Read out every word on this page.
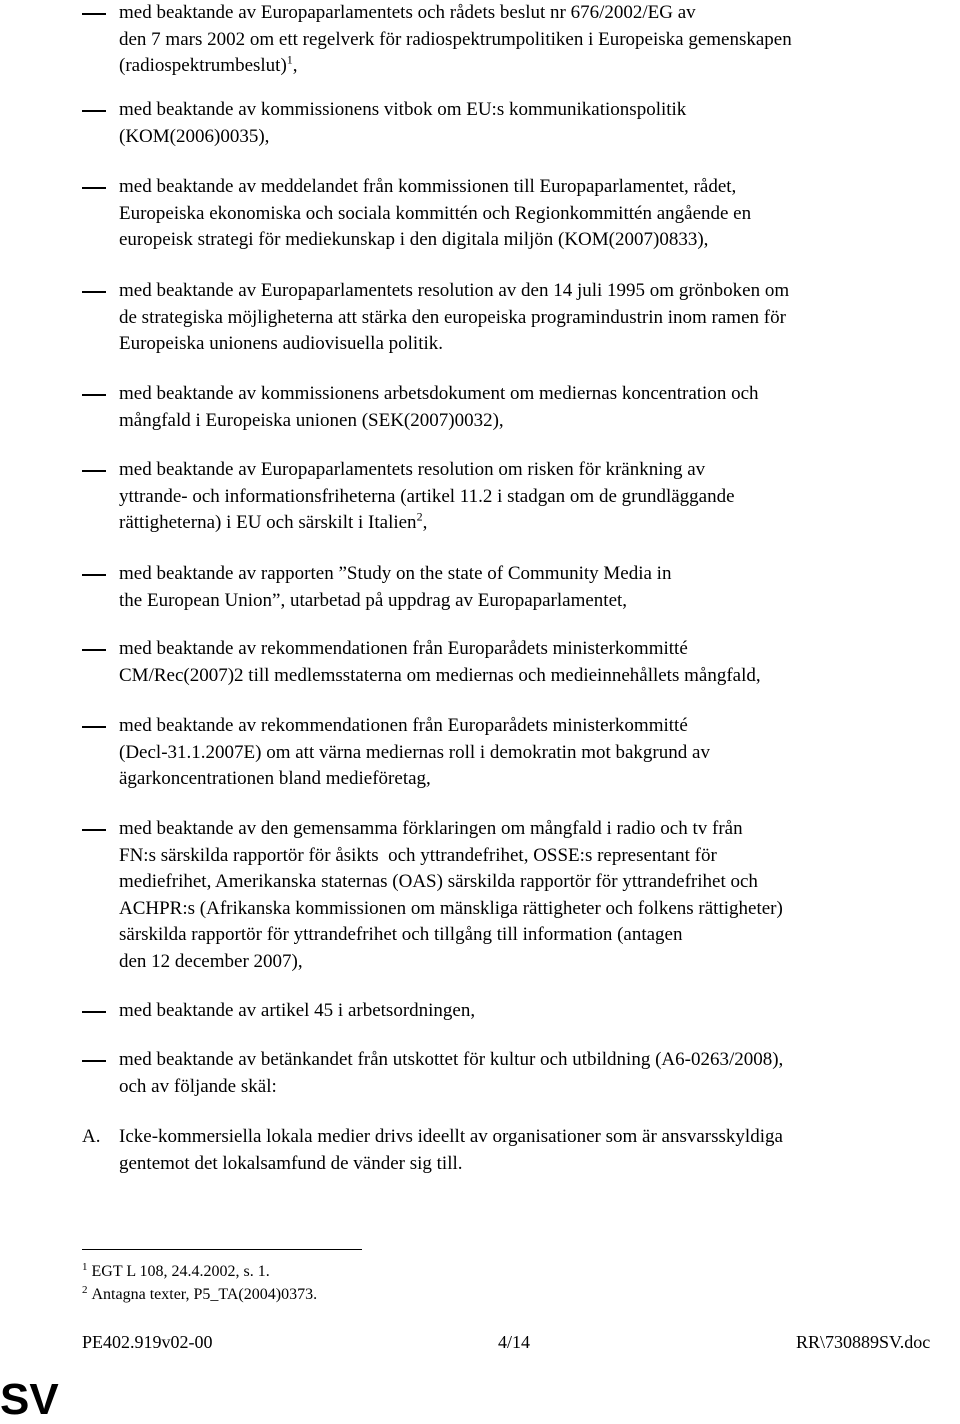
med beaktande av Europaparlamentets och rådets beslut nr 676/2002/EG av
den 7 mars 2002 om ett regelverk för radiospektrumpolitiken i Europeiska gemenskapen
(radiospektrumbeslut)$^1$,
med beaktande av kommissionens vitbok om EU:s kommunikationspolitik
(KOM(2006)0035),
med beaktande av meddelandet från kommissionen till Europaparlamentet, rådet,
Europeiska ekonomiska och sociala kommittén och Regionkommittén angående en
europeisk strategi för mediekunskap i den digitala miljön (KOM(2007)0833),
med beaktande av Europaparlamentets resolution av den 14 juli 1995 om grönboken om
de strategiska möjligheterna att stärka den europeiska programindustrin inom ramen för
Europeiska unionens audiovisuella politik.
med beaktande av kommissionens arbetsdokument om mediernas koncentration och
mångfald i Europeiska unionen (SEK(2007)0032),
med beaktande av Europaparlamentets resolution om risken för kränkning av
yttrande- och informationsfriheterna (artikel 11.2 i stadgan om de grundläggande
rättigheterna) i EU och särskilt i Italien$^2$,
med beaktande av rapporten ”Study on the state of Community Media in
the European Union”, utarbetad på uppdrag av Europaparlamentet,
med beaktande av rekommendationen från Europarådets ministerkommitté
CM/Rec(2007)2 till medlemsstaterna om mediernas och medieinnehållets mångfald,
med beaktande av rekommendationen från Europarådets ministerkommitté
(Decl-31.1.2007E) om att värna mediernas roll i demokratin mot bakgrund av
ägarkoncentrationen bland medieföretag,
med beaktande av den gemensamma förklaringen om mångfald i radio och tv från
FN:s särskilda rapportör för åsikts  och yttrandefrihet, OSSE:s representant för
mediefrihet, Amerikanska staternas (OAS) särskilda rapportör för yttrandefrihet och
ACHPR:s (Afrikanska kommissionen om mänskliga rättigheter och folkens rättigheter)
särskilda rapportör för yttrandefrihet och tillgång till information (antagen
den 12 december 2007),
med beaktande av artikel 45 i arbetsordningen,
med beaktande av betänkandet från utskottet för kultur och utbildning (A6-0263/2008),
och av följande skäl:
A. Icke-kommersiella lokala medier drivs ideellt av organisationer som är ansvarsskyldiga
gentemot det lokalsamfund de vänder sig till.
$^1$ EGT L 108, 24.4.2002, s. 1.
$^2$ Antagna texter, P5_TA(2004)0373.
PE402.919v02-00	4/14	RR\730889SV.doc
SV
